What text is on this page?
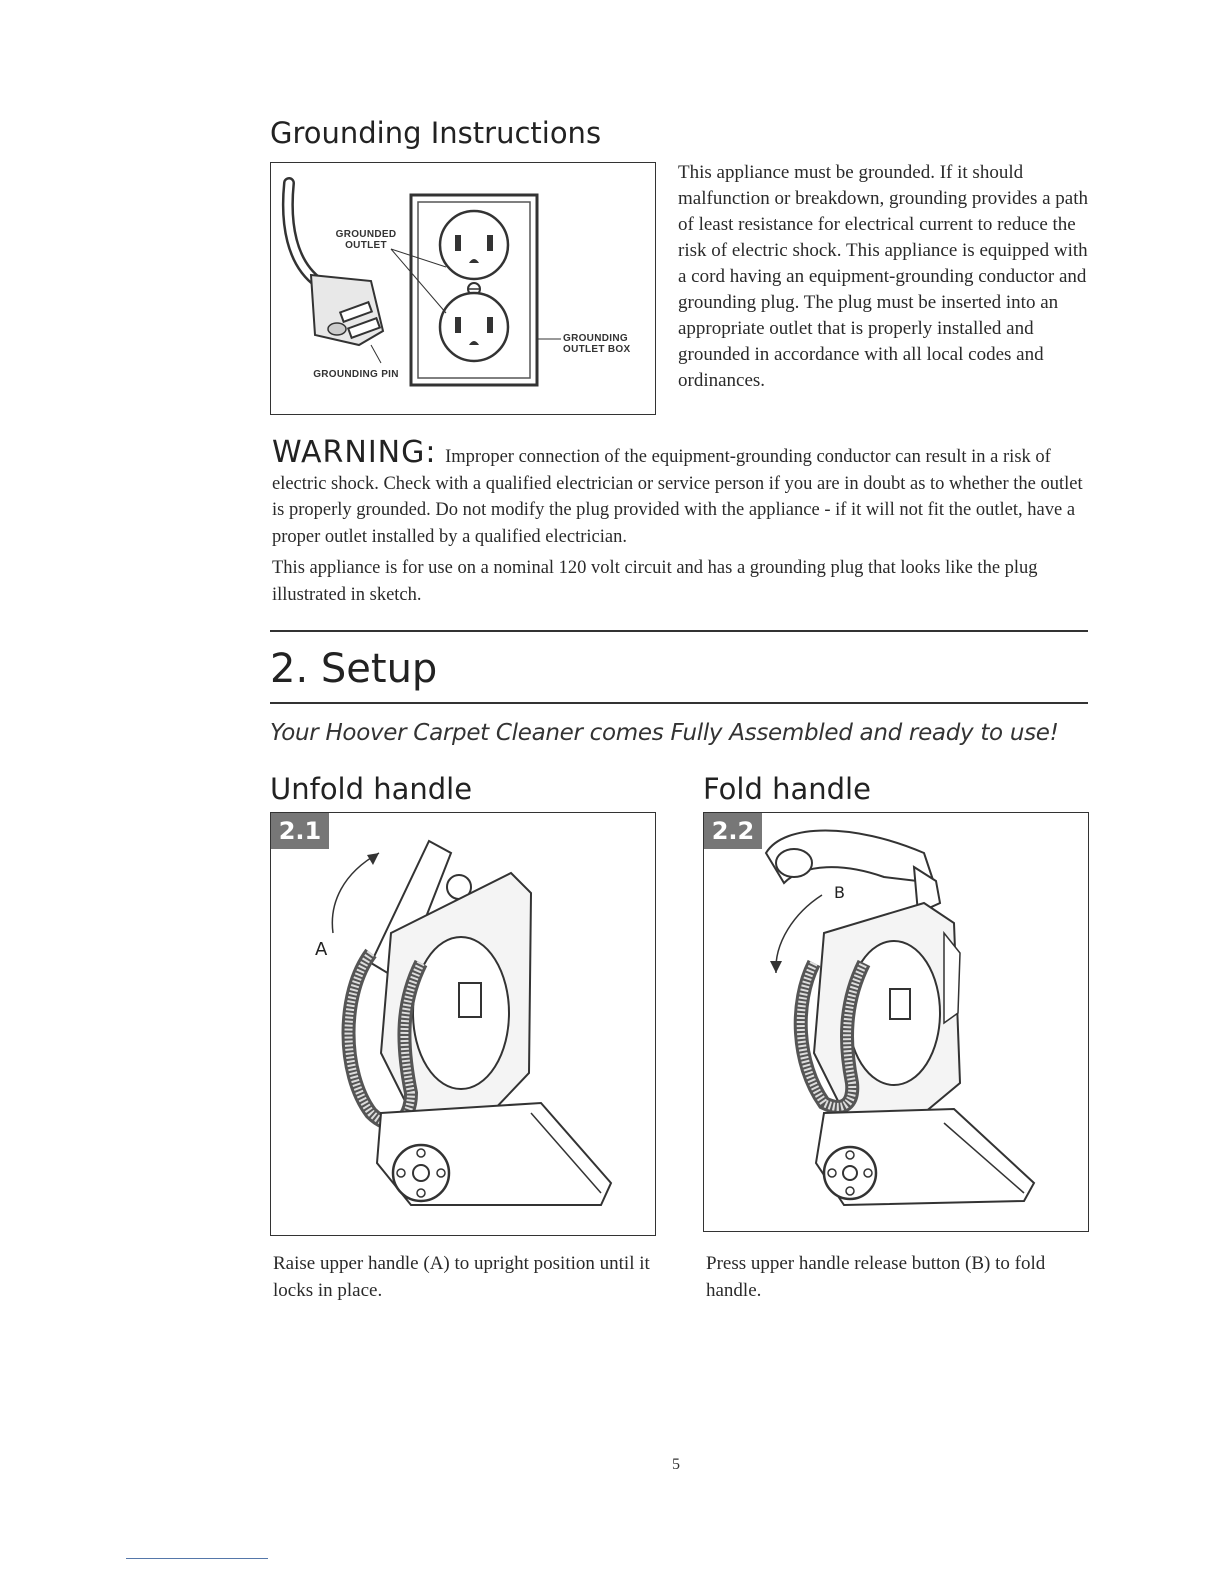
Grounding Instructions
GROUNDED OUTLET
GROUNDING PIN
GROUNDING OUTLET BOX

This appliance must be grounded. If it should malfunction or breakdown, grounding provides a path of least resistance for electrical current to reduce the risk of electric shock. This appliance is equipped with a cord having an equipment-grounding conductor and grounding plug. The plug must be inserted into an appropriate outlet that is properly installed and grounded in accordance with all local codes and ordinances.

WARNING: Improper connection of the equipment-grounding conductor can result in a risk of electric shock. Check with a qualified electrician or service person if you are in doubt as to whether the outlet is properly grounded. Do not modify the plug provided with the appliance - if it will not fit the outlet, have a proper outlet installed by a qualified electrician.

This appliance is for use on a nominal 120 volt circuit and has a grounding plug that looks like the plug illustrated in sketch.

2. Setup

Your Hoover Carpet Cleaner comes Fully Assembled and ready to use!

Unfold handle
2.1
A

Raise upper handle (A) to upright position until it locks in place.

Fold handle
2.2
B

Press upper handle release button (B) to fold handle.

5
